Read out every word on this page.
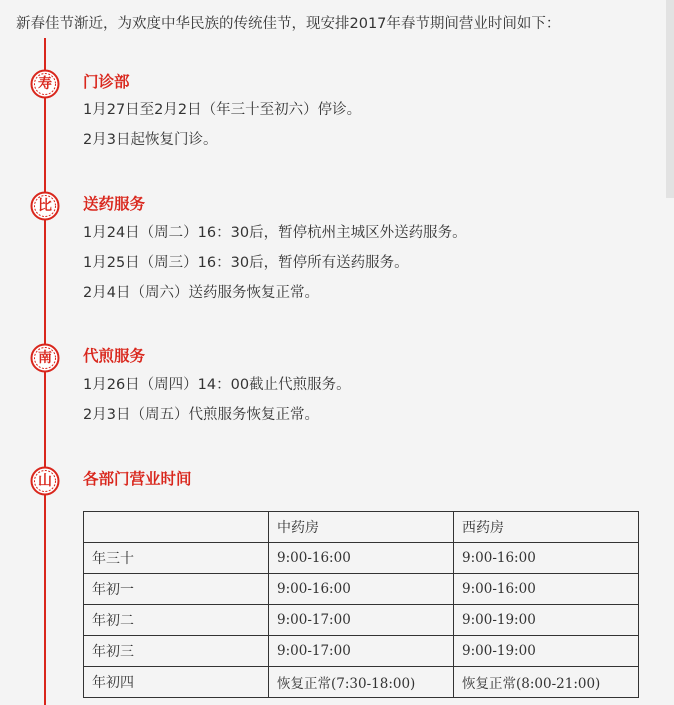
新春佳节渐近，为欢度中华民族的传统佳节，现安排2017年春节期间营业时间如下：
寿 门诊部
1月27日至2月2日（年三十至初六）停诊。
2月3日起恢复门诊。
比 送药服务
1月24日（周二）16：30后，暂停杭州主城区外送药服务。
1月25日（周三）16：30后，暂停所有送药服务。
2月4日（周六）送药服务恢复正常。
南 代煎服务
1月26日（周四）14：00截止代煎服务。
2月3日（周五）代煎服务恢复正常。
山 各部门营业时间
	中药房	西药房
年三十	9:00-16:00	9:00-16:00
年初一	9:00-16:00	9:00-16:00
年初二	9:00-17:00	9:00-19:00
年初三	9:00-17:00	9:00-19:00
年初四	恢复正常(7:30-18:00)	恢复正常(8:00-21:00)
